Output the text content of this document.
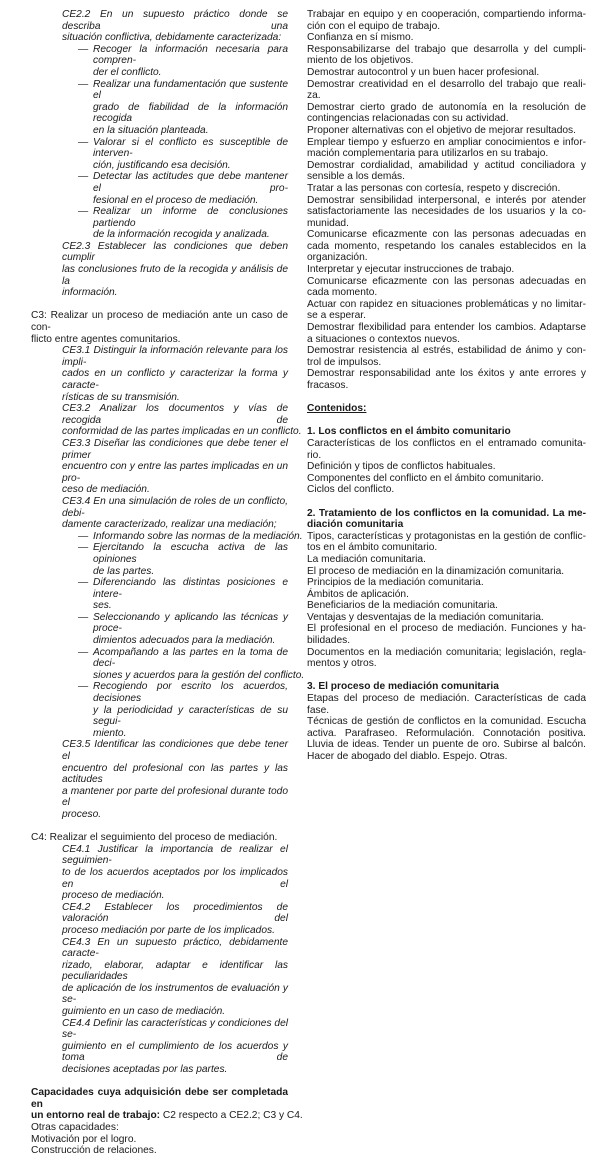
CE2.2 En un supuesto práctico donde se describa una
situación conflictiva, debidamente caracterizada:
— Recoger la información necesaria para compren-
der el conflicto.
— Realizar una fundamentación que sustente el
grado de fiabilidad de la información recogida
en la situación planteada.
— Valorar si el conflicto es susceptible de interven-
ción, justificando esa decisión.
— Detectar las actitudes que debe mantener el pro-
fesional en el proceso de mediación.
— Realizar un informe de conclusiones partiendo
de la información recogida y analizada.
CE2.3 Establecer las condiciones que deben cumplir
las conclusiones fruto de la recogida y análisis de la
información.
C3: Realizar un proceso de mediación ante un caso de con-
flicto entre agentes comunitarios.
CE3.1 Distinguir la información relevante para los impli-
cados en un conflicto y caracterizar la forma y caracte-
rísticas de su transmisión.
CE3.2 Analizar los documentos y vías de recogida de
conformidad de las partes implicadas en un conflicto.
CE3.3 Diseñar las condiciones que debe tener el primer
encuentro con y entre las partes implicadas en un pro-
ceso de mediación.
CE3.4 En una simulación de roles de un conflicto, debi-
damente caracterizado, realizar una mediación;
— Informando sobre las normas de la mediación.
— Ejercitando la escucha activa de las opiniones
de las partes.
— Diferenciando las distintas posiciones e intere-
ses.
— Seleccionando y aplicando las técnicas y proce-
dimientos adecuados para la mediación.
— Acompañando a las partes en la toma de deci-
siones y acuerdos para la gestión del conflicto.
— Recogiendo por escrito los acuerdos, decisiones
y la periodicidad y características de su segui-
miento.
CE3.5 Identificar las condiciones que debe tener el
encuentro del profesional con las partes y las actitudes
a mantener por parte del profesional durante todo el
proceso.
C4: Realizar el seguimiento del proceso de mediación.
CE4.1 Justificar la importancia de realizar el seguimien-
to de los acuerdos aceptados por los implicados en el
proceso de mediación.
CE4.2 Establecer los procedimientos de valoración del
proceso mediación por parte de los implicados.
CE4.3 En un supuesto práctico, debidamente caracte-
rizado, elaborar, adaptar e identificar las peculiaridades
de aplicación de los instrumentos de evaluación y se-
guimiento en un caso de mediación.
CE4.4 Definir las características y condiciones del se-
guimiento en el cumplimiento de los acuerdos y toma de
decisiones aceptadas por las partes.
Capacidades cuya adquisición debe ser completada en
un entorno real de trabajo: C2 respecto a CE2.2; C3 y C4.
Otras capacidades:
Motivación por el logro.
Construcción de relaciones.
Trabajar en equipo y en cooperación, compartiendo informa-
ción con el equipo de trabajo.
Confianza en sí mismo.
Responsabilizarse del trabajo que desarrolla y del cumpli-
miento de los objetivos.
Demostrar autocontrol y un buen hacer profesional.
Demostrar creatividad en el desarrollo del trabajo que reali-
za.
Demostrar cierto grado de autonomía en la resolución de
contingencias relacionadas con su actividad.
Proponer alternativas con el objetivo de mejorar resultados.
Emplear tiempo y esfuerzo en ampliar conocimientos e infor-
mación complementaria para utilizarlos en su trabajo.
Demostrar cordialidad, amabilidad y actitud conciliadora y
sensible a los demás.
Tratar a las personas con cortesía, respeto y discreción.
Demostrar sensibilidad interpersonal, e interés por atender
satisfactoriamente las necesidades de los usuarios y la co-
munidad.
Comunicarse eficazmente con las personas adecuadas en
cada momento, respetando los canales establecidos en la
organización.
Interpretar y ejecutar instrucciones de trabajo.
Comunicarse eficazmente con las personas adecuadas en
cada momento.
Actuar con rapidez en situaciones problemáticas y no limitar-
se a esperar.
Demostrar flexibilidad para entender los cambios. Adaptarse
a situaciones o contextos nuevos.
Demostrar resistencia al estrés, estabilidad de ánimo y con-
trol de impulsos.
Demostrar responsabilidad ante los éxitos y ante errores y
fracasos.
Contenidos:
1. Los conflictos en el ámbito comunitario
Características de los conflictos en el entramado comunita-
rio.
Definición y tipos de conflictos habituales.
Componentes del conflicto en el ámbito comunitario.
Ciclos del conflicto.
2. Tratamiento de los conflictos en la comunidad. La me-
diación comunitaria
Tipos, características y protagonistas en la gestión de conflic-
tos en el ámbito comunitario.
La mediación comunitaria.
El proceso de mediación en la dinamización comunitaria.
Principios de la mediación comunitaria.
Ámbitos de aplicación.
Beneficiarios de la mediación comunitaria.
Ventajas y desventajas de la mediación comunitaria.
El profesional en el proceso de mediación. Funciones y ha-
bilidades.
Documentos en la mediación comunitaria; legislación, regla-
mentos y otros.
3. El proceso de mediación comunitaria
Etapas del proceso de mediación. Características de cada
fase.
Técnicas de gestión de conflictos en la comunidad. Escucha
activa. Parafraseo. Reformulación. Connotación positiva.
Lluvia de ideas. Tender un puente de oro. Subirse al balcón.
Hacer de abogado del diablo. Espejo. Otras.
